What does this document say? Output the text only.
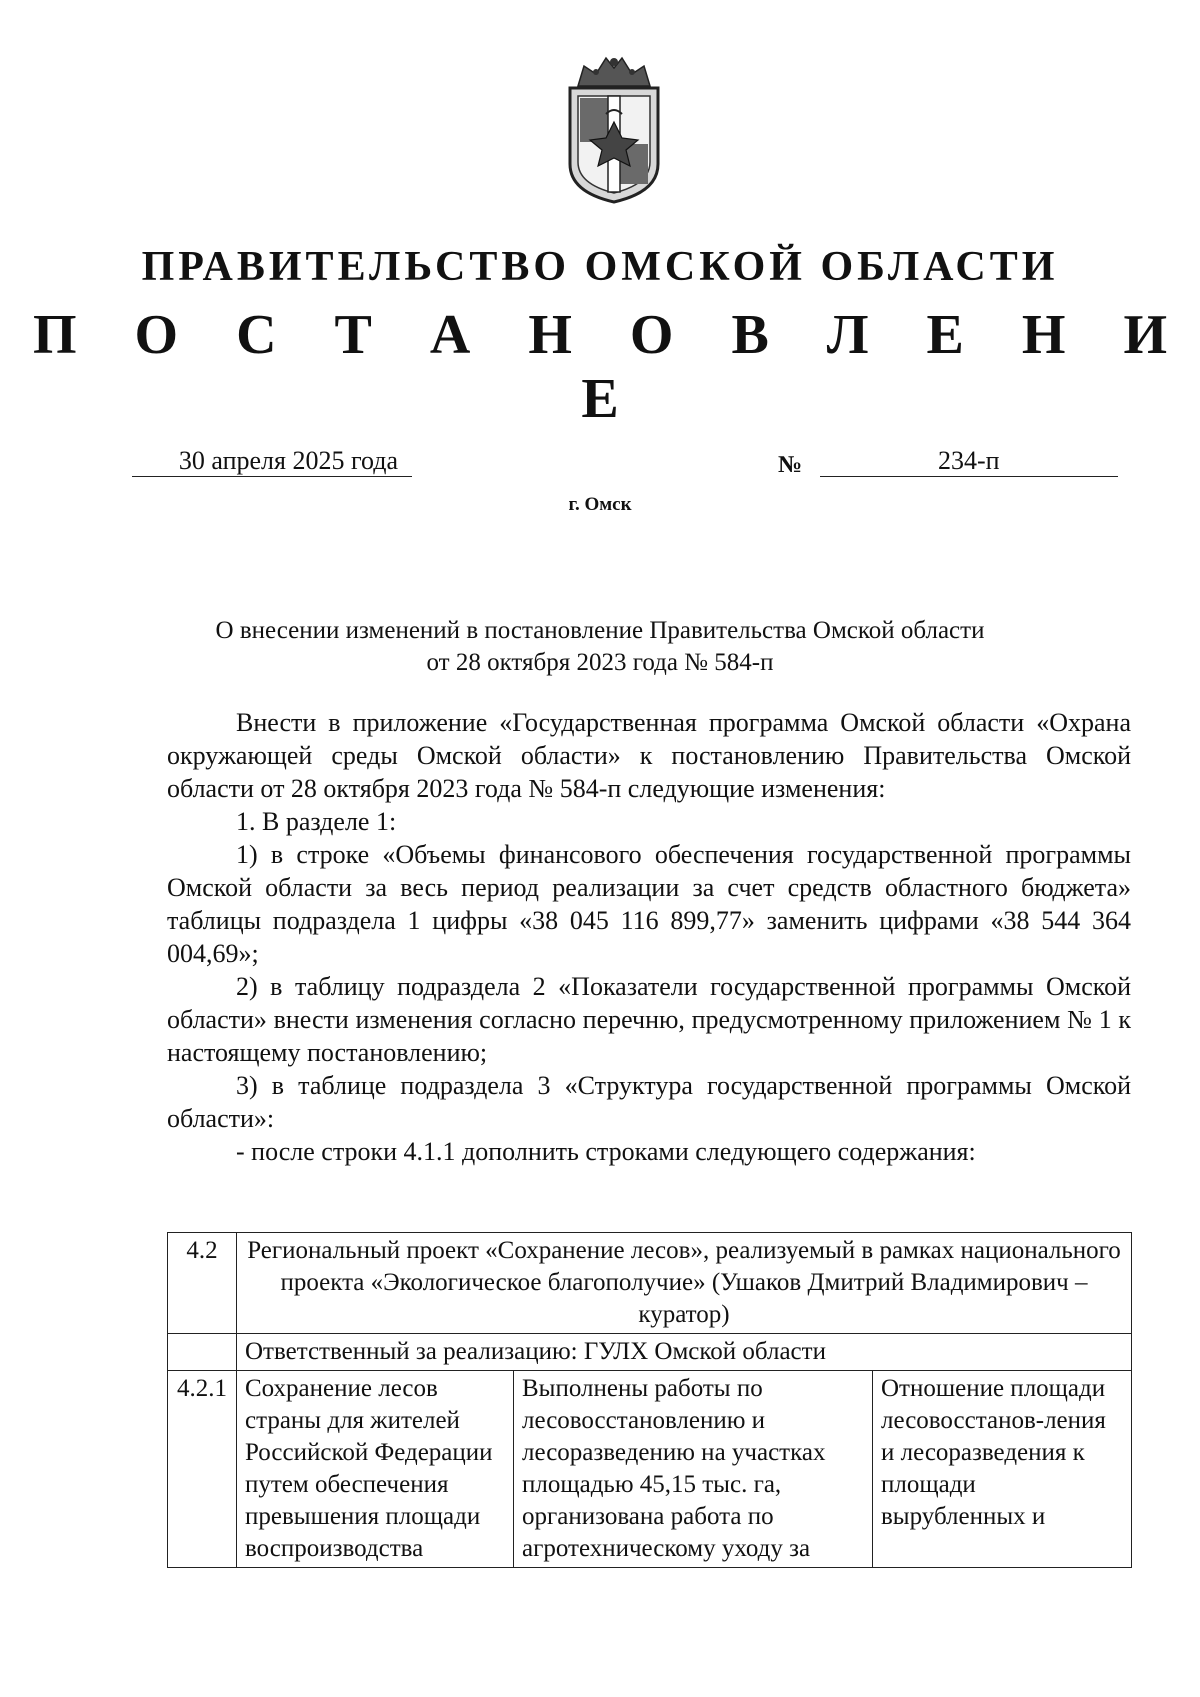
ПРАВИТЕЛЬСТВО ОМСКОЙ ОБЛАСТИ
П О С Т А Н О В Л Е Н И Е
30 апреля 2025 года	№	234-п
г. Омск
О внесении изменений в постановление Правительства Омской области
от 28 октября 2023 года № 584-п

Внести в приложение «Государственная программа Омской области «Охрана окружающей среды Омской области» к постановлению Правительства Омской области от 28 октября 2023 года № 584-п следующие изменения:

1. В разделе 1:

1) в строке «Объемы финансового обеспечения государственной программы Омской области за весь период реализации за счет средств областного бюджета» таблицы подраздела 1 цифры «38 045 116 899,77» заменить цифрами «38 544 364 004,69»;

2) в таблицу подраздела 2 «Показатели государственной программы Омской области» внести изменения согласно перечню, предусмотренному приложением № 1 к настоящему постановлению;

3) в таблице подраздела 3 «Структура государственной программы Омской области»:

- после строки 4.1.1 дополнить строками следующего содержания:

4.2	Региональный проект «Сохранение лесов», реализуемый в рамках национального проекта «Экологическое благополучие» (Ушаков Дмитрий Владимирович – куратор)		
	Ответственный за реализацию: ГУЛХ Омской области		
4.2.1	Сохранение лесов страны для жителей Российской Федерации путем обеспечения превышения площади воспроизводства	Выполнены работы по лесовосстановлению и лесоразведению на участках площадью 45,15 тыс. га, организована работа по агротехническому уходу за	Отношение площади лесовосстанов-ления и лесоразведения к площади вырубленных и
